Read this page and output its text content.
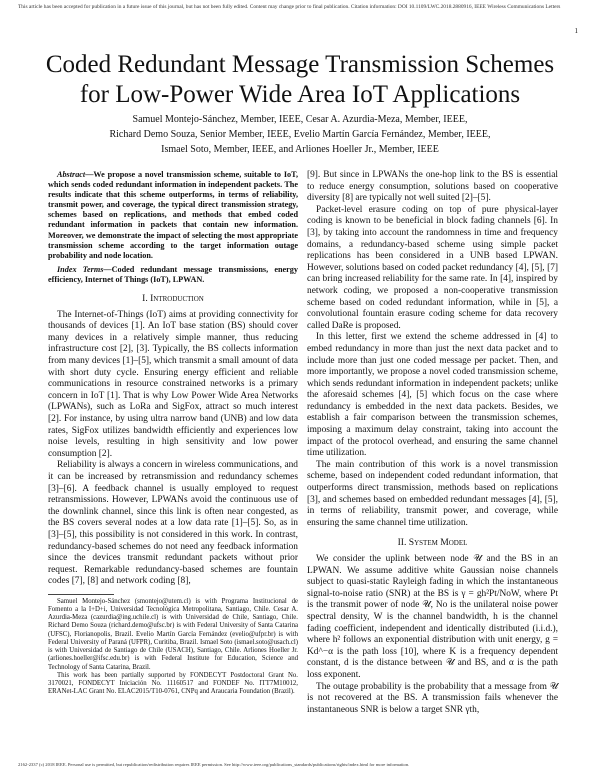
This article has been accepted for publication in a future issue of this journal, but has not been fully edited. Content may change prior to final publication. Citation information: DOI 10.1109/LWC.2018.2880916, IEEE Wireless Communications Letters
1
Coded Redundant Message Transmission Schemes for Low-Power Wide Area IoT Applications
Samuel Montejo-Sánchez, Member, IEEE, Cesar A. Azurdia-Meza, Member, IEEE,
Richard Demo Souza, Senior Member, IEEE, Evelio Martín García Fernández, Member, IEEE,
Ismael Soto, Member, IEEE, and Arliones Hoeller Jr., Member, IEEE

Abstract—We propose a novel transmission scheme, suitable to IoT, which sends coded redundant information in independent packets. The results indicate that this scheme outperforms, in terms of reliability, transmit power, and coverage, the typical direct transmission strategy, schemes based on replications, and methods that embed coded redundant information in packets that contain new information. Moreover, we demonstrate the impact of selecting the most appropriate transmission scheme according to the target information outage probability and node location.

Index Terms—Coded redundant message transmissions, energy efficiency, Internet of Things (IoT), LPWAN.

I. Introduction

The Internet-of-Things (IoT) aims at providing connectivity for thousands of devices [1]. An IoT base station (BS) should cover many devices in a relatively simple manner, thus reducing infrastructure cost [2], [3]. Typically, the BS collects information from many devices [1]–[5], which transmit a small amount of data with short duty cycle. Ensuring energy efficient and reliable communications in resource constrained networks is a primary concern in IoT [1]. That is why Low Power Wide Area Networks (LPWANs), such as LoRa and SigFox, attract so much interest [2]. For instance, by using ultra narrow band (UNB) and low data rates, SigFox utilizes bandwidth efficiently and experiences low noise levels, resulting in high sensitivity and low power consumption [2].

Reliability is always a concern in wireless communications, and it can be increased by retransmission and redundancy schemes [3]–[6]. A feedback channel is usually employed to request retransmissions. However, LPWANs avoid the continuous use of the downlink channel, since this link is often near congested, as the BS covers several nodes at a low data rate [1]–[5]. So, as in [3]–[5], this possibility is not considered in this work. In contrast, redundancy-based schemes do not need any feedback information since the devices transmit redundant packets without prior request. Remarkable redundancy-based schemes are fountain codes [7], [8] and network coding [8],

Samuel Montejo-Sánchez (smontejo@utem.cl) is with Programa Institucional de Fomento a la I+D+i, Universidad Tecnológica Metropolitana, Santiago, Chile. Cesar A. Azurdia-Meza (cazurdia@ing.uchile.cl) is with Universidad de Chile, Santiago, Chile. Richard Demo Souza (richard.demo@ufsc.br) is with Federal University of Santa Catarina (UFSC), Florianopolis, Brazil. Evelio Martín García Fernández (evelio@ufpr.br) is with Federal University of Paraná (UFPR), Curitiba, Brazil. Ismael Soto (ismael.soto@usach.cl) is with Universidad de Santiago de Chile (USACH), Santiago, Chile. Arliones Hoeller Jr. (arliones.hoeller@ifsc.edu.br) is with Federal Institute for Education, Science and Technology of Santa Catarina, Brazil.

This work has been partially supported by FONDECYT Postdoctoral Grant No. 3170021, FONDECYT Iniciación No. 11160517 and FONDEF No. ITT7M10012, ERANet-LAC Grant No. ELAC2015/T10-0761, CNPq and Araucaria Foundation (Brazil).

[9]. But since in LPWANs the one-hop link to the BS is essential to reduce energy consumption, solutions based on cooperative diversity [8] are typically not well suited [2]–[5].

Packet-level erasure coding on top of pure physical-layer coding is known to be beneficial in block fading channels [6]. In [3], by taking into account the randomness in time and frequency domains, a redundancy-based scheme using simple packet replications has been considered in a UNB based LPWAN. However, solutions based on coded packet redundancy [4], [5], [7] can bring increased reliability for the same rate. In [4], inspired by network coding, we proposed a non-cooperative transmission scheme based on coded redundant information, while in [5], a convolutional fountain erasure coding scheme for data recovery called DaRe is proposed.

In this letter, first we extend the scheme addressed in [4] to embed redundancy in more than just the next data packet and to include more than just one coded message per packet. Then, and more importantly, we propose a novel coded transmission scheme, which sends redundant information in independent packets; unlike the aforesaid schemes [4], [5] which focus on the case where redundancy is embedded in the next data packets. Besides, we establish a fair comparison between the transmission schemes, imposing a maximum delay constraint, taking into account the impact of the protocol overhead, and ensuring the same channel time utilization.

The main contribution of this work is a novel transmission scheme, based on independent coded redundant information, that outperforms direct transmission, methods based on replications [3], and schemes based on embedded redundant messages [4], [5], in terms of reliability, transmit power, and coverage, while ensuring the same channel time utilization.

II. System Model

We consider the uplink between node 𝒰 and the BS in an LPWAN. We assume additive white Gaussian noise channels subject to quasi-static Rayleigh fading in which the instantaneous signal-to-noise ratio (SNR) at the BS is γ = gh²Pt/NoW, where Pt is the transmit power of node 𝒰, No is the unilateral noise power spectral density, W is the channel bandwidth, h is the channel fading coefficient, independent and identically distributed (i.i.d.), where h² follows an exponential distribution with unit energy, g = Kd^−α is the path loss [10], where K is a frequency dependent constant, d is the distance between 𝒰 and BS, and α is the path loss exponent.

The outage probability is the probability that a message from 𝒰 is not recovered at the BS. A transmission fails whenever the instantaneous SNR is below a target SNR γth,

2162-2337 (c) 2018 IEEE. Personal use is permitted, but republication/redistribution requires IEEE permission. See http://www.ieee.org/publications_standards/publications/rights/index.html for more information.
